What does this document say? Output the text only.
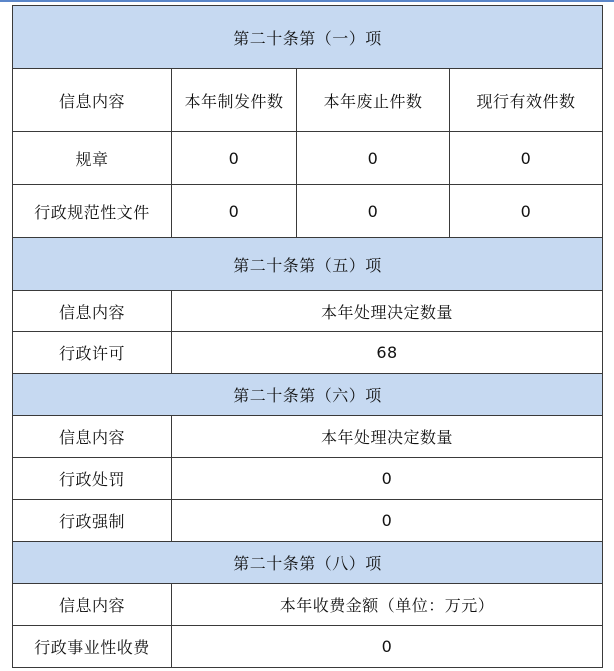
第二十条第（一）项			
信息内容	本年制发件数	本年废止件数	现行有效件数
规章	0	0	0
行政规范性文件	0	0	0
第二十条第（五）项			
信息内容	本年处理决定数量		
行政许可	68		
第二十条第（六）项			
信息内容	本年处理决定数量		
行政处罚	0		
行政强制	0		
第二十条第（八）项			
信息内容	本年收费金额（单位：万元）		
行政事业性收费	0		
